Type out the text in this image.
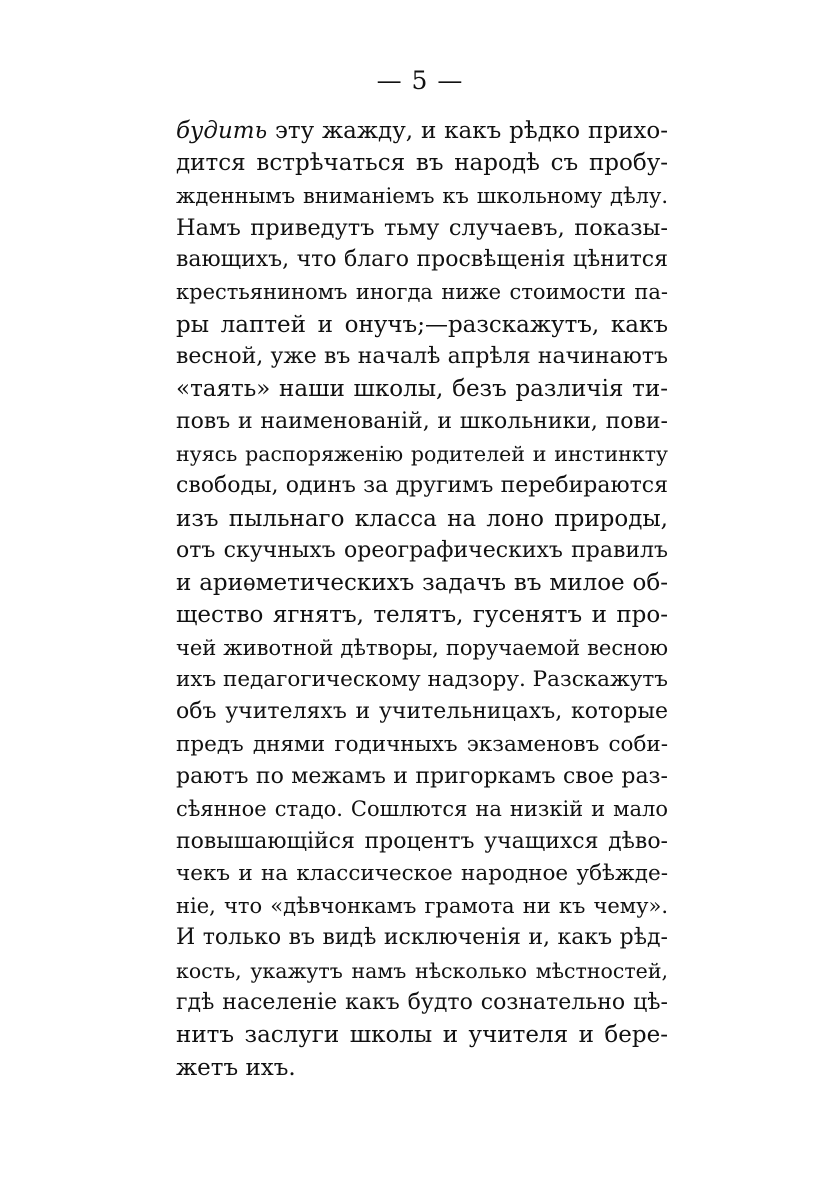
— 5 —
будить эту жажду, и какъ рѣдко прихо-
дится встрѣчаться въ народѣ съ пробу-
жденнымъ вниманіемъ къ школьному дѣлу.
Намъ приведутъ тьму случаевъ, показы-
вающихъ, что благо просвѣщенія цѣнится
крестьяниномъ иногда ниже стоимости па-
ры лаптей и онучъ;—разскажутъ, какъ
весной, уже въ началѣ апрѣля начинаютъ
«таять» наши школы, безъ различія ти-
повъ и наименованій, и школьники, пови-
нуясь распоряженію родителей и инстинкту
свободы, одинъ за другимъ перебираются
изъ пыльнаго класса на лоно природы,
отъ скучныхъ ореографическихъ правилъ
и ариѳметическихъ задачъ въ милое об-
щество ягнятъ, телятъ, гусенятъ и про-
чей животной дѣтворы, поручаемой весною
ихъ педагогическому надзору. Разскажутъ
объ учителяхъ и учительницахъ, которые
предъ днями годичныхъ экзаменовъ соби-
раютъ по межамъ и пригоркамъ свое раз-
сѣянное стадо. Сошлются на низкій и мало
повышающійся процентъ учащихся дѣво-
чекъ и на классическое народное убѣжде-
ніе, что «дѣвчонкамъ грамота ни къ чему».
И только въ видѣ исключенія и, какъ рѣд-
кость, укажутъ намъ нѣсколько мѣстностей,
гдѣ населеніе какъ будто сознательно цѣ-
нитъ заслуги школы и учителя и бере-
жетъ ихъ.
